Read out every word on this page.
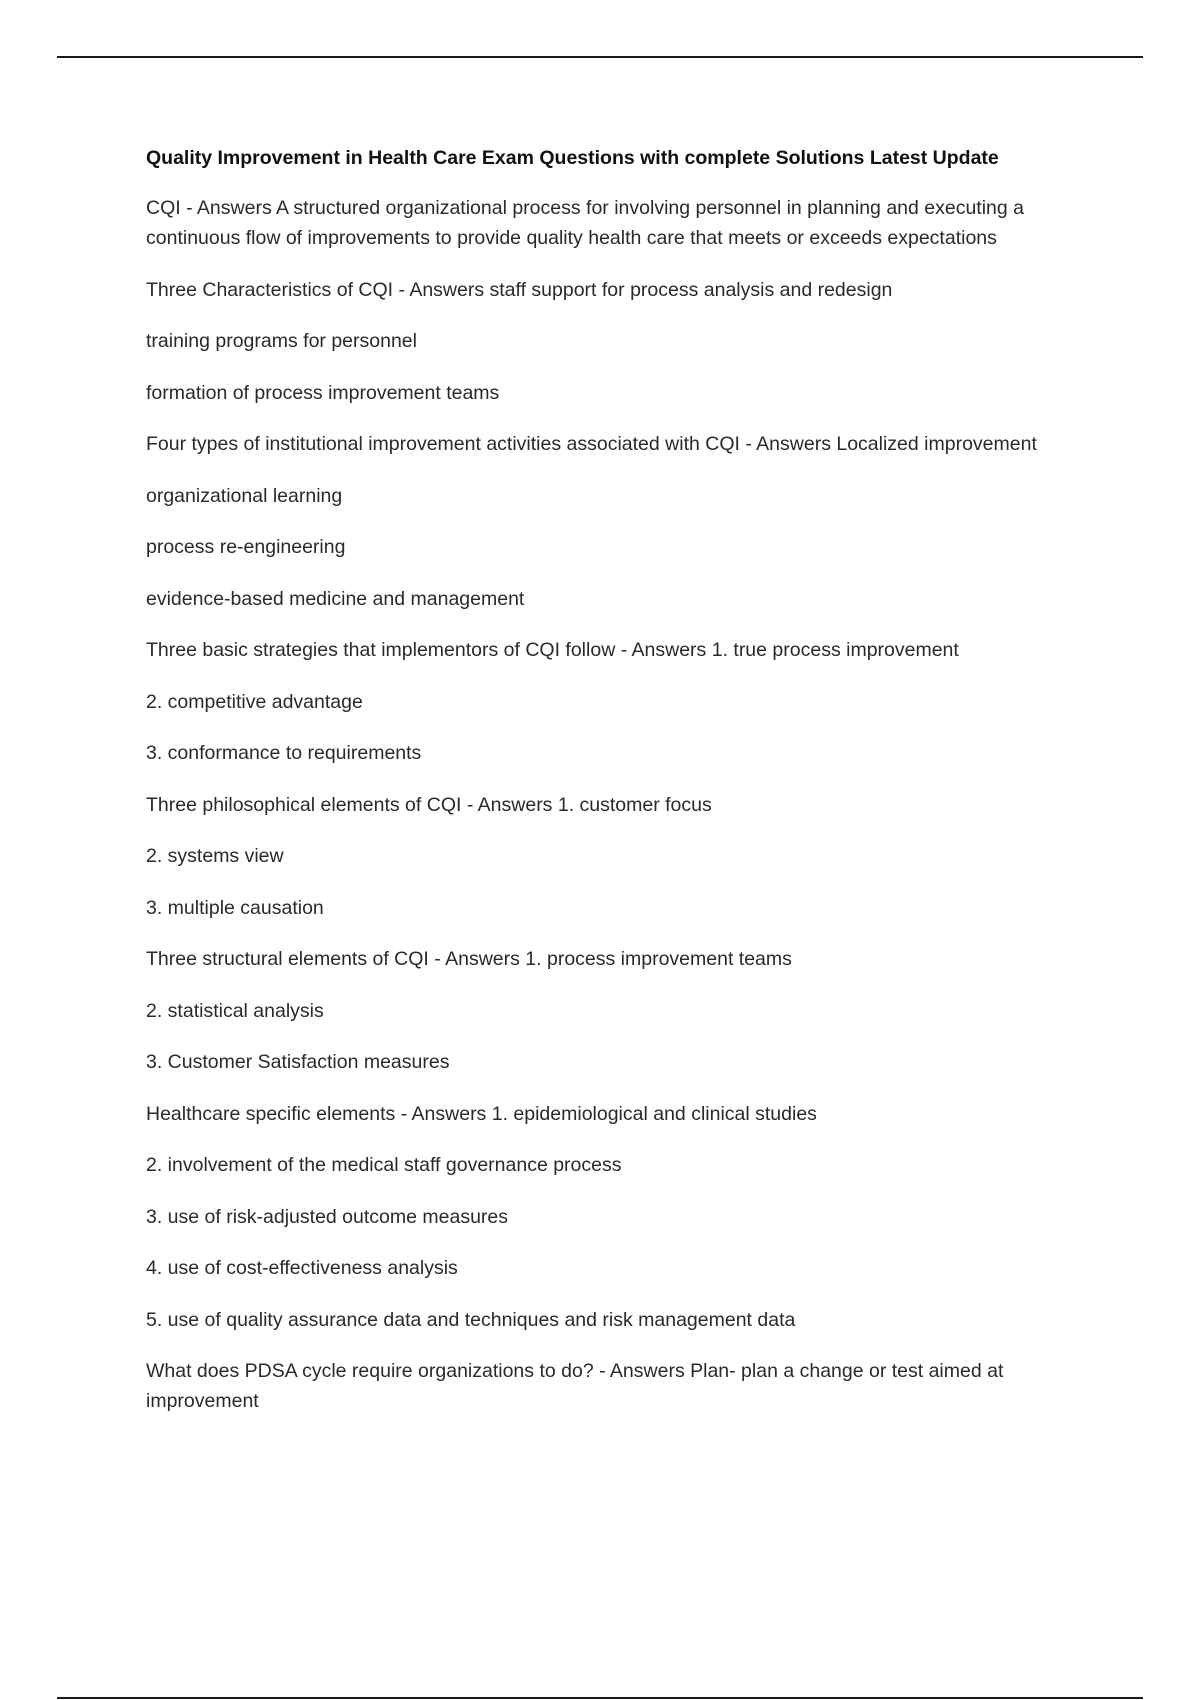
Quality Improvement in Health Care Exam Questions with complete Solutions Latest Update

CQI - Answers A structured organizational process for involving personnel in planning and executing a continuous flow of improvements to provide quality health care that meets or exceeds expectations

Three Characteristics of CQI - Answers staff support for process analysis and redesign

training programs for personnel

formation of process improvement teams

Four types of institutional improvement activities associated with CQI - Answers Localized improvement

organizational learning

process re-engineering

evidence-based medicine and management

Three basic strategies that implementors of CQI follow - Answers 1. true process improvement

2. competitive advantage

3. conformance to requirements

Three philosophical elements of CQI - Answers 1. customer focus

2. systems view

3. multiple causation

Three structural elements of CQI - Answers 1. process improvement teams

2. statistical analysis

3. Customer Satisfaction measures

Healthcare specific elements - Answers 1. epidemiological and clinical studies

2. involvement of the medical staff governance process

3. use of risk-adjusted outcome measures

4. use of cost-effectiveness analysis

5. use of quality assurance data and techniques and risk management data

What does PDSA cycle require organizations to do? - Answers Plan- plan a change or test aimed at improvement
